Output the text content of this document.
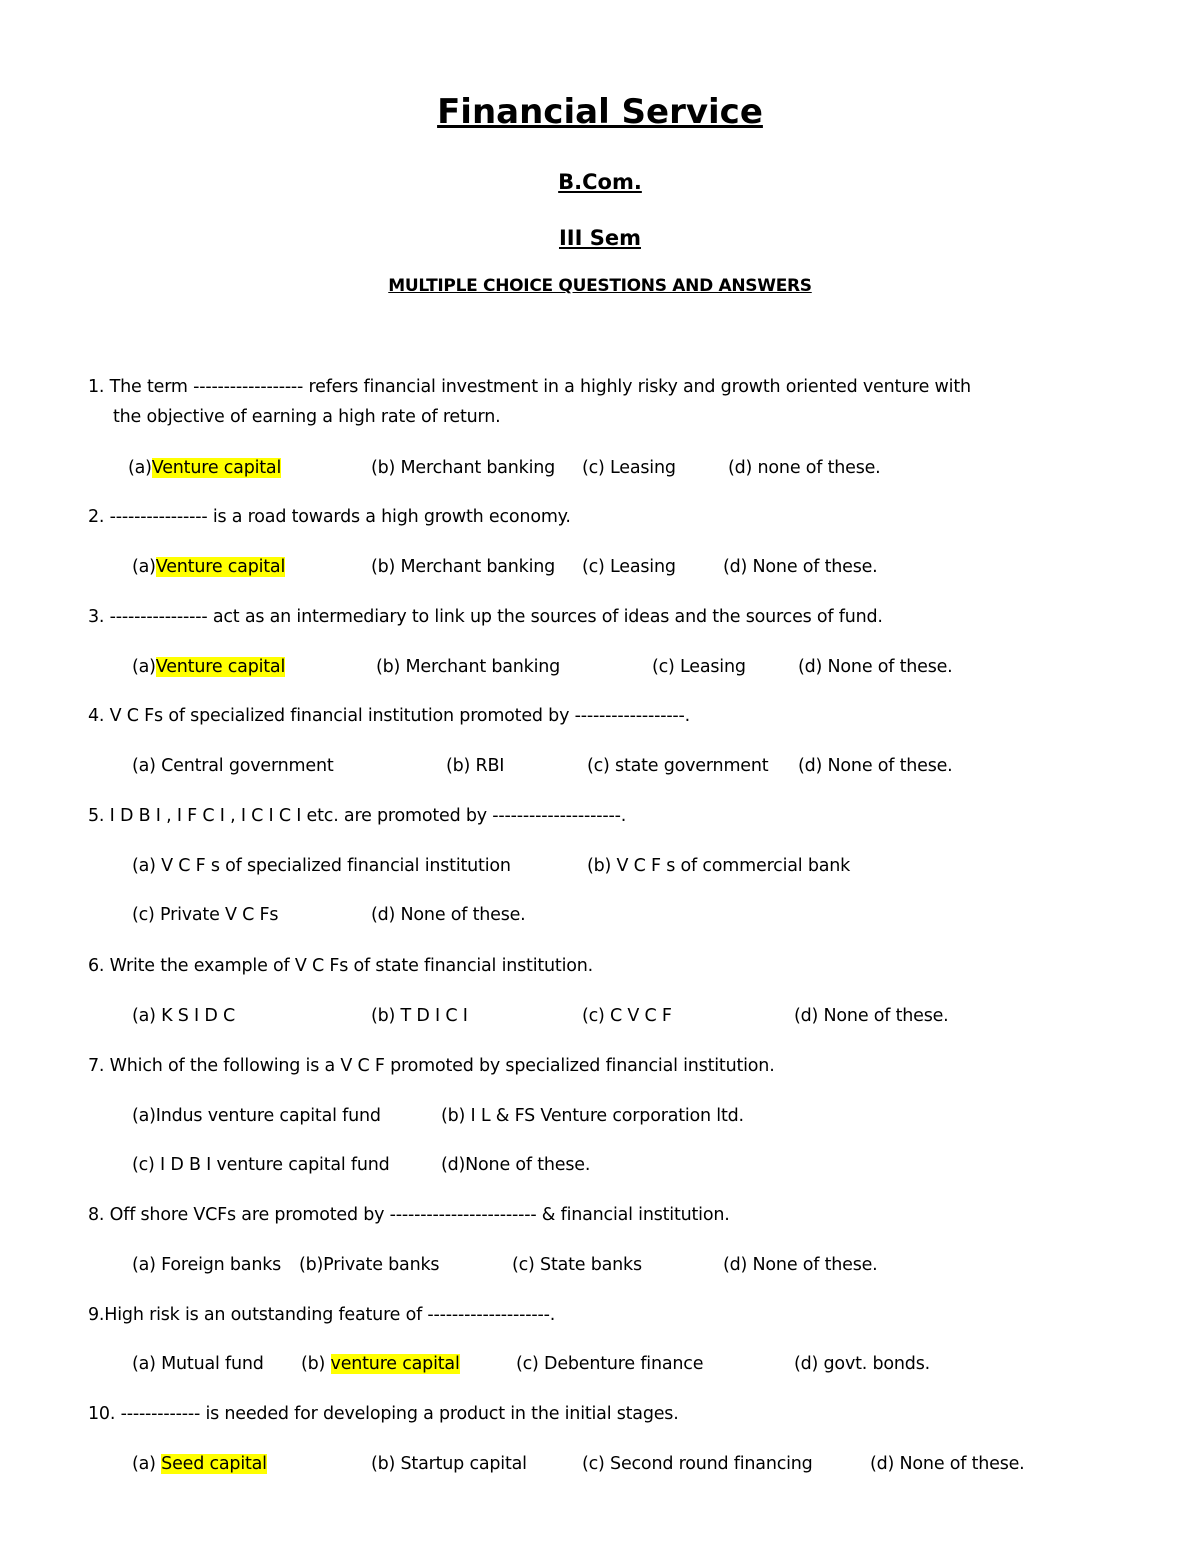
Financial Service
B.Com.
III Sem
MULTIPLE CHOICE QUESTIONS AND ANSWERS
1. The term ------------------ refers financial investment in a highly risky and growth oriented venture with
the objective of earning a high rate of return.
(a)Venture capital	(b) Merchant banking (c) Leasing	(d) none of these.
2. ---------------- is a road towards a high growth economy.
(a)Venture capital	(b) Merchant banking (c) Leasing	(d) None of these.
3. ---------------- act as an intermediary to link up the sources of ideas and the sources of fund.
(a)Venture capital	(b) Merchant banking	(c) Leasing	(d) None of these.
4. V C Fs of specialized financial institution promoted by ------------------.
(a) Central government	(b) RBI	(c) state government (d) None of these.
5. I D B I , I F C I , I C I C I etc. are promoted by ---------------------.
(a) V C F s of specialized financial institution	(b) V C F s of commercial bank
(c) Private V C Fs	(d) None of these.
6. Write the example of V C Fs of state financial institution.
(a) K S I D C	(b) T D I C I	(c) C V C F	(d) None of these.
7. Which of the following is a V C F promoted by specialized financial institution.
(a)Indus venture capital fund	(b) I L & FS Venture corporation ltd.
(c) I D B I venture capital fund	(d)None of these.
8. Off shore VCFs are promoted by ------------------------ & financial institution.
(a) Foreign banks (b)Private banks	(c) State banks	(d) None of these.
9.High risk is an outstanding feature of --------------------.
(a) Mutual fund (b) venture capital	(c) Debenture finance	(d) govt. bonds.
10. ------------- is needed for developing a product in the initial stages.
(a) Seed capital	(b) Startup capital	(c) Second round financing	(d) None of these.
